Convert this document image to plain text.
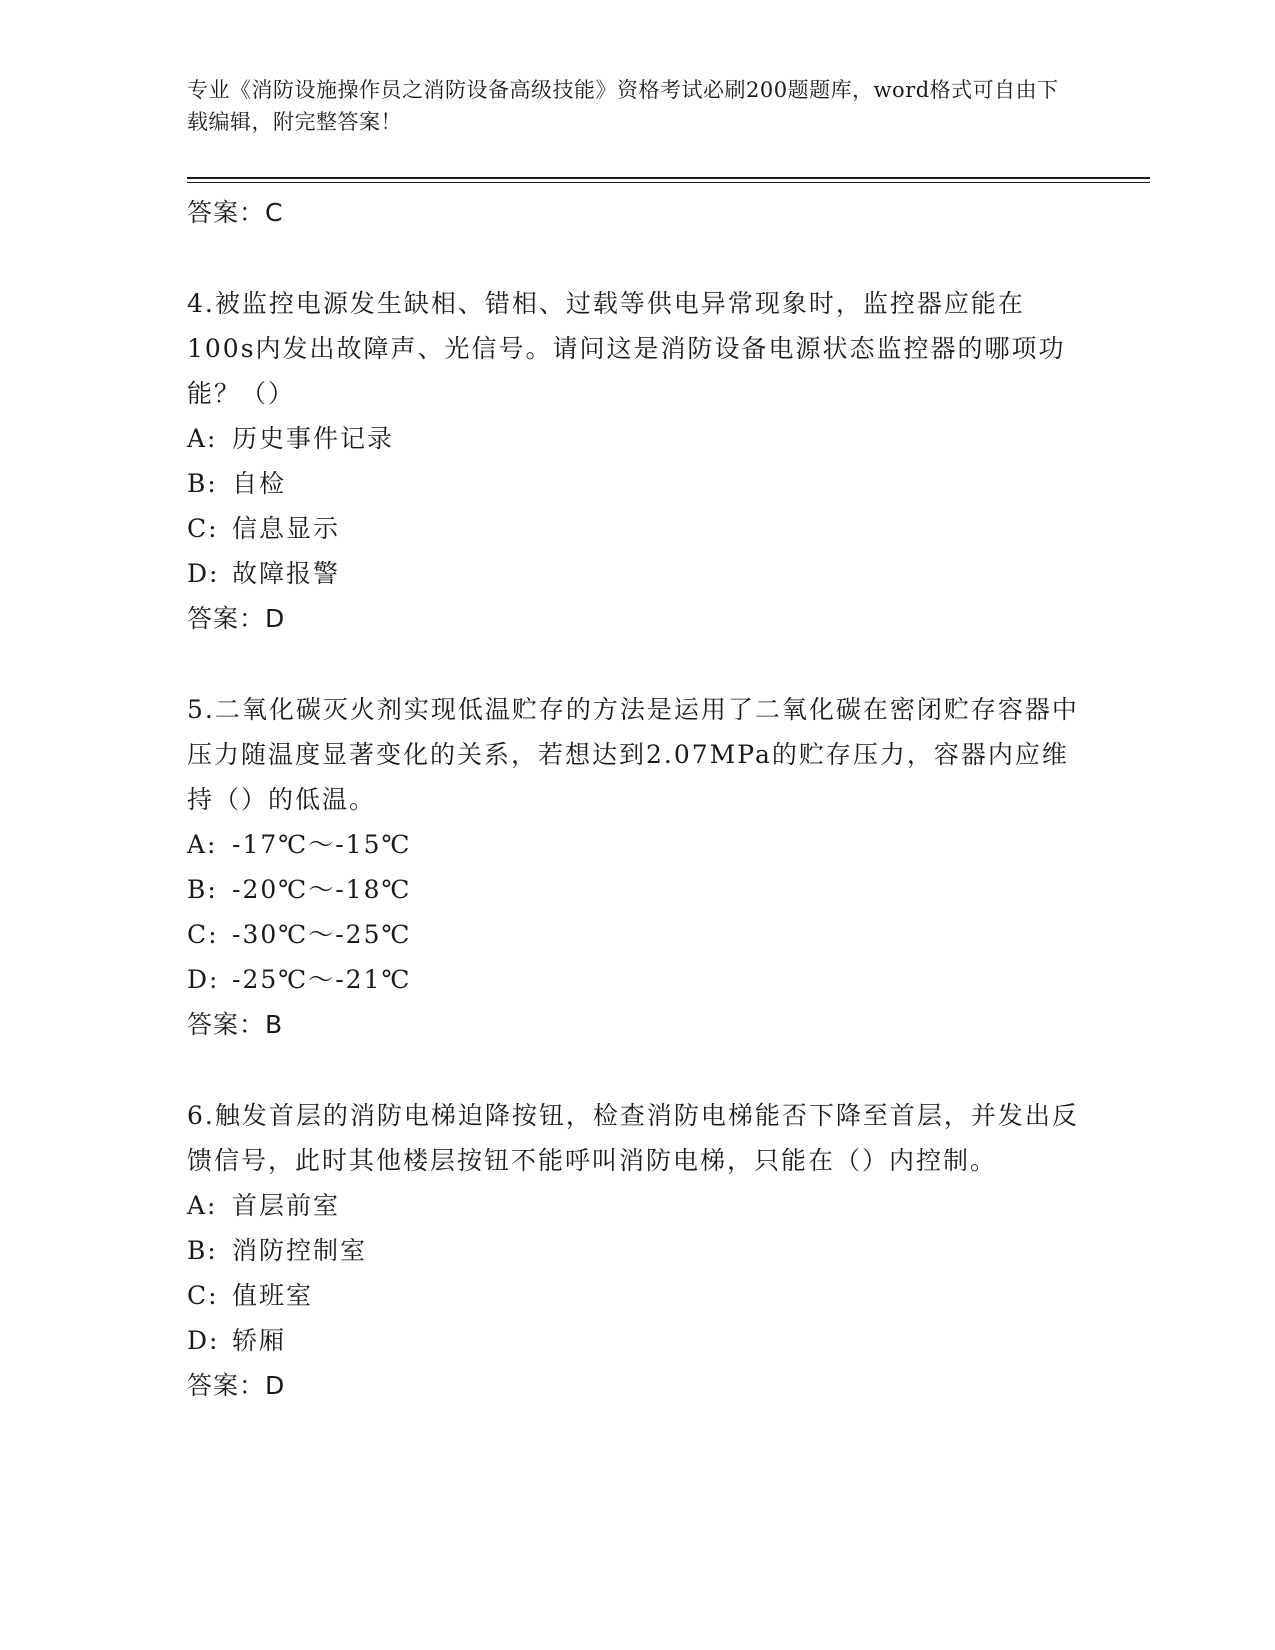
专业《消防设施操作员之消防设备高级技能》资格考试必刷200题题库，word格式可自由下载编辑，附完整答案！
答案：C
4.被监控电源发生缺相、错相、过载等供电异常现象时，监控器应能在100s内发出故障声、光信号。请问这是消防设备电源状态监控器的哪项功能？（）
A: 历史事件记录
B: 自检
C: 信息显示
D: 故障报警
答案：D
5.二氧化碳灭火剂实现低温贮存的方法是运用了二氧化碳在密闭贮存容器中压力随温度显著变化的关系，若想达到2.07MPa的贮存压力，容器内应维持（）的低温。
A: -17℃～-15℃
B: -20℃～-18℃
C: -30℃～-25℃
D: -25℃～-21℃
答案：B
6.触发首层的消防电梯迫降按钮，检查消防电梯能否下降至首层，并发出反馈信号，此时其他楼层按钮不能呼叫消防电梯，只能在（）内控制。
A: 首层前室
B: 消防控制室
C: 值班室
D: 轿厢
答案：D
